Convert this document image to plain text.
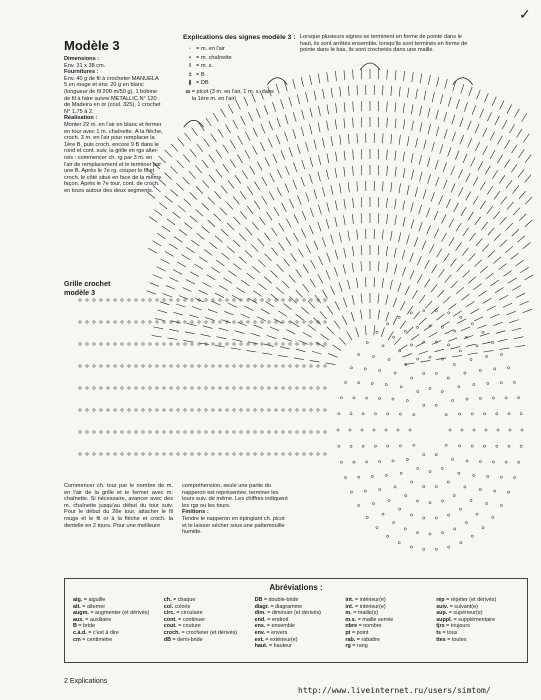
✓
Modèle 3
Dimensions :
Env. 31 x 38 cm.
Fournitures :
Env. 40 g de fil à crocheter MANUELA
5 en rouge et env. 20 g en blanc
(longueur de fil 200 m/50 g), 1 bobine
de fil à faire suivre METALLIC N° 120
de Madeira en or (coul. 325), 1 crochet
N° 1,75 à 2.
Réalisation :
Monter 22 m. en l'air en blanc et fermer
en tour avec 1 m. chaînette. À la flèche,
croch. 3 m. en l'air pour remplacer la
1ère B, puis croch. encore 9 B dans le
rond et cont. suiv. la grille en rgs alter-
nés : commencer ch. rg par 3 m. en
l'air de remplacement et le terminer par
une B. Après le 7e rg. couper le fil et
croch. le côté situé en face de la même
façon. Après le 7e tour, cont. de croch.
en tours autour des deux segments.
Explications des signes modèle 3 :
◦ = m. en l'air
• = m. chaînette
I = m. s.
‡ = B
∦ = DB
ɷ = picot (3 m. en l'air, 1 m. s. dans la 1ère m. en l'air)
Lorsque plusieurs signes se terminent en forme de pointe dans le haut, ils sont arrêtés ensemble, lorsqu'ils sont terminés en forme de pointe dans le bas, ils sont crochetés dans une maille.
Grille crochet
modèle 3
Commencer ch. tour par le nombre de m. en l'air de la grille et le fermer avec m. chaînette. Si nécessaire, avancer avec des m. chaînette jusqu'au début du tour suiv. Pour le début du 26e tour, attacher le fil rouge et le fil or à la flèche et croch. la dentelle en 2 tours. Pour une meilleure
compréhension, seule une partie du napperon est représentée, terminer les tours suiv. de même. Les chiffres indiquent les rgs ou les tours.
Finitions :
Tendre le napperon en épinglant ch. picot et le laisser sécher sous une pattemouille humide.
Abréviations :
aig. = aiguille
alt. = alterner
augm. = augmenter (et dérivés)
aux. = auxiliaire
B = bride
c.à.d. = c'est à dire
cm = centimètre
ch. = chaque
col. coloris
circ. = circulaire
cont. = continuer
cout. = couture
croch. = crocheter (et dérivés)
dB = demi-bride
DB = double-bride
diagr. = diagramme
dim. = diminuer (et dérivés)
end. = endroit
ens. = ensemble
env. = envers
ext. = extérieur(e)
haut. = hauteur
int. = intérieur(e)
int. = intérieur(e)
m. = maille(s)
m.s. = maille serrée
nbre = nombre
pt = point
rab. = rabattre
rg = rang
rép = répéter (et dérivés)
suiv. = suivant(e)
sup. = supérieur(e)
suppl. = supplémentaire
tjrs = toujours
ts = tous
ttes = toutes
2 Explications
http://www.liveinternet.ru/users/simtom/
